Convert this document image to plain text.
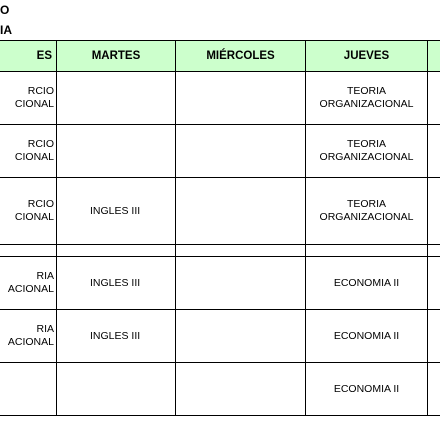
O
IA
ES	MARTES	MIÉRCOLES	JUEVES	
RCIO
CIONAL			TEORIA
ORGANIZACIONAL	
RCIO
CIONAL			TEORIA
ORGANIZACIONAL	
RCIO
CIONAL	INGLES III		TEORIA
ORGANIZACIONAL	

RIA
ACIONAL	INGLES III		ECONOMIA II	
RIA
ACIONAL	INGLES III		ECONOMIA II	
			ECONOMIA II	
